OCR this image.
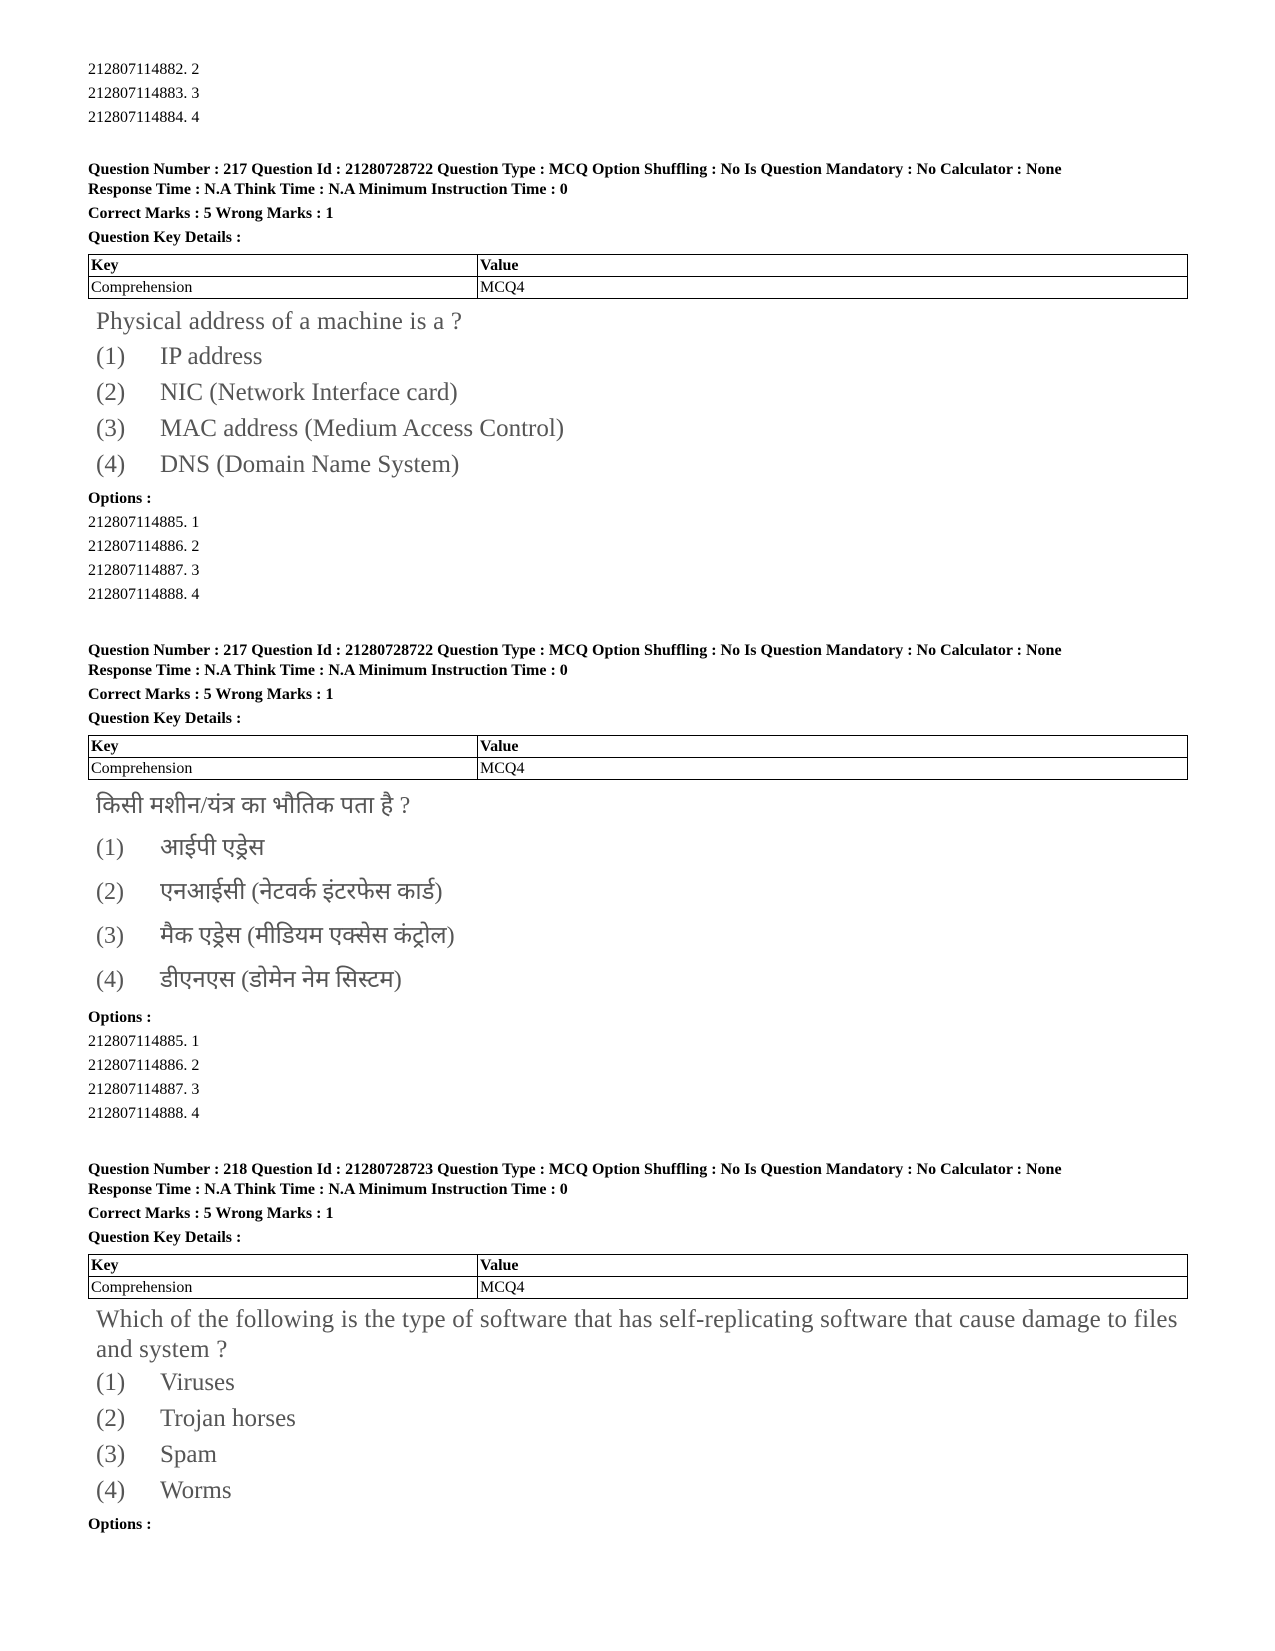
212807114882. 2
212807114883. 3
212807114884. 4
Question Number : 217 Question Id : 21280728722 Question Type : MCQ Option Shuffling : No Is Question Mandatory : No Calculator : None
Response Time : N.A Think Time : N.A Minimum Instruction Time : 0
Correct Marks : 5 Wrong Marks : 1
Question Key Details :
Key	Value
Comprehension	MCQ4
Physical address of a machine is a ?
(1)	IP address
(2)	NIC (Network Interface card)
(3)	MAC address (Medium Access Control)
(4)	DNS (Domain Name System)
Options :
212807114885. 1
212807114886. 2
212807114887. 3
212807114888. 4
Question Number : 217 Question Id : 21280728722 Question Type : MCQ Option Shuffling : No Is Question Mandatory : No Calculator : None
Response Time : N.A Think Time : N.A Minimum Instruction Time : 0
Correct Marks : 5 Wrong Marks : 1
Question Key Details :
Key	Value
Comprehension	MCQ4
किसी मशीन/यंत्र का भौतिक पता है ?
(1)	आईपी एड्रेस
(2)	एनआईसी (नेटवर्क इंटरफेस कार्ड)
(3)	मैक एड्रेस (मीडियम एक्सेस कंट्रोल)
(4)	डीएनएस (डोमेन नेम सिस्टम)
Options :
212807114885. 1
212807114886. 2
212807114887. 3
212807114888. 4
Question Number : 218 Question Id : 21280728723 Question Type : MCQ Option Shuffling : No Is Question Mandatory : No Calculator : None
Response Time : N.A Think Time : N.A Minimum Instruction Time : 0
Correct Marks : 5 Wrong Marks : 1
Question Key Details :
Key	Value
Comprehension	MCQ4
Which of the following is the type of software that has self-replicating software that cause damage to files and system ?
(1)	Viruses
(2)	Trojan horses
(3)	Spam
(4)	Worms
Options :
